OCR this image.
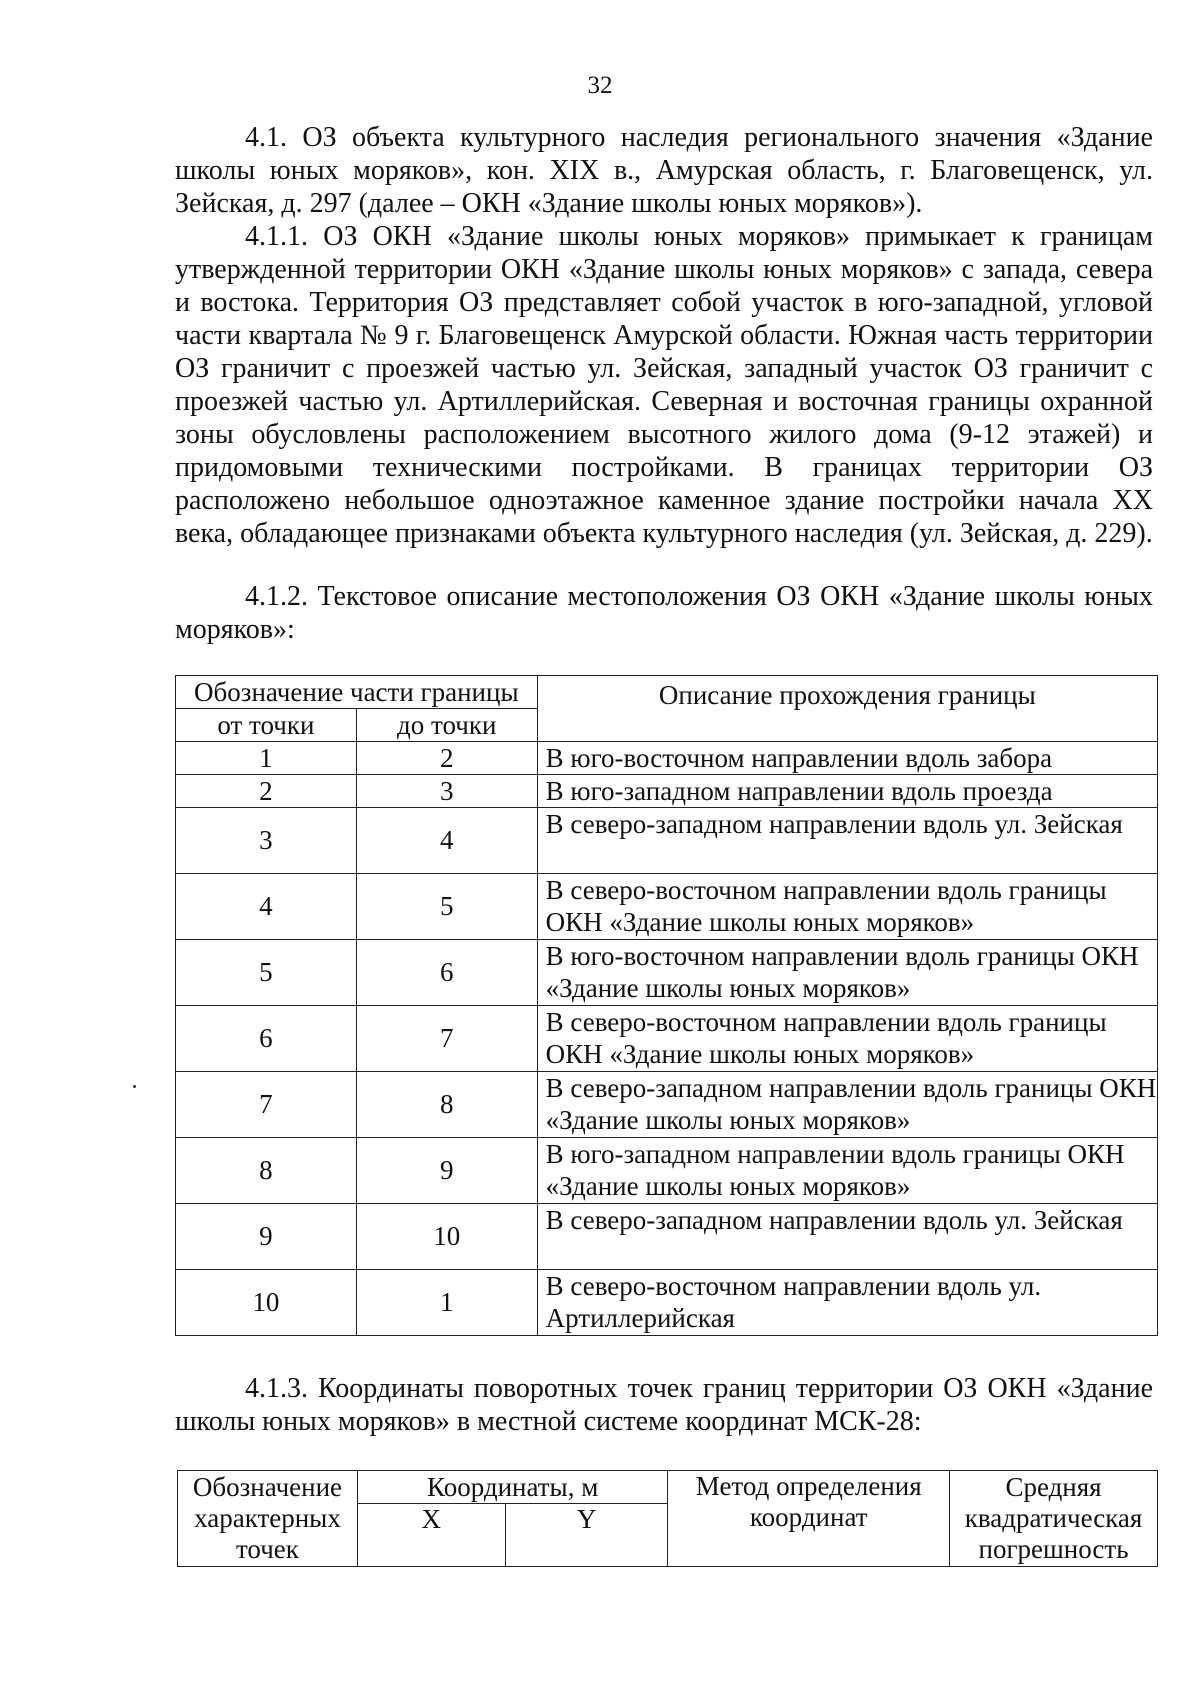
32

4.1. ОЗ объекта культурного наследия регионального значения «Здание школы юных моряков», кон. XIX в., Амурская область, г. Благовещенск, ул. Зейская, д. 297 (далее – ОКН «Здание школы юных моряков»).

4.1.1. ОЗ ОКН «Здание школы юных моряков» примыкает к границам утвержденной территории ОКН «Здание школы юных моряков» с запада, севера и востока. Территория ОЗ представляет собой участок в юго-западной, угловой части квартала № 9 г. Благовещенск Амурской области. Южная часть территории ОЗ граничит с проезжей частью ул. Зейская, западный участок ОЗ граничит с проезжей частью ул. Артиллерийская. Северная и восточная границы охранной зоны обусловлены расположением высотного жилого дома (9-12 этажей) и придомовыми техническими постройками. В границах территории ОЗ расположено небольшое одноэтажное каменное здание постройки начала XX века, обладающее признаками объекта культурного наследия (ул. Зейская, д. 229).

4.1.2. Текстовое описание местоположения ОЗ ОКН «Здание школы юных моряков»:

Обозначение части границы		Описание прохождения границы
от точки	до точки	
1	2	В юго-восточном направлении вдоль забора
2	3	В юго-западном направлении вдоль проезда
3	4	В северо-западном направлении вдоль ул. Зейская
4	5	В северо-восточном направлении вдоль границы ОКН «Здание школы юных моряков»
5	6	В юго-восточном направлении вдоль границы ОКН «Здание школы юных моряков»
6	7	В северо-восточном направлении вдоль границы ОКН «Здание школы юных моряков»
7	8	В северо-западном направлении вдоль границы ОКН «Здание школы юных моряков»
8	9	В юго-западном направлении вдоль границы ОКН «Здание школы юных моряков»
9	10	В северо-западном направлении вдоль ул. Зейская
10	1	В северо-восточном направлении вдоль ул. Артиллерийская

4.1.3. Координаты поворотных точек границ территории ОЗ ОКН «Здание школы юных моряков» в местной системе координат МСК-28:

Обозначение характерных точек	Координаты, м		Метод определения координат	Средняя квадратическая погрешность
	X	Y		
